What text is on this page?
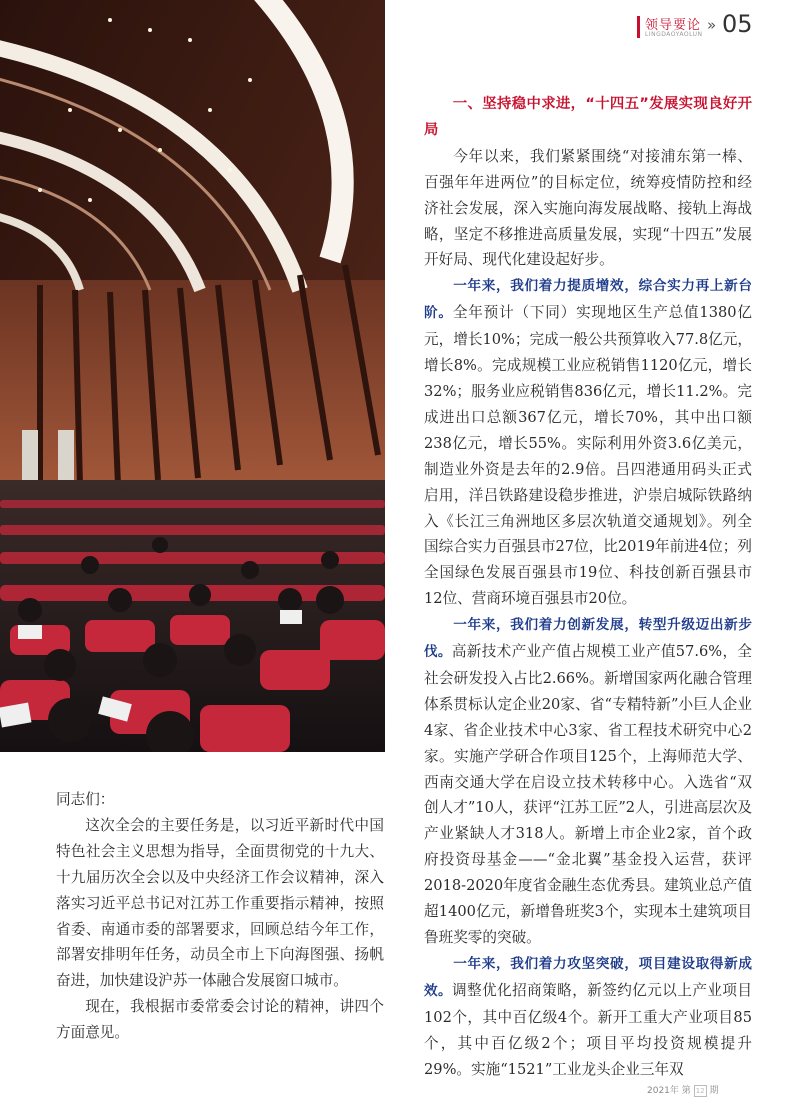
领导要论
LINGDAOYAOLUN
» 05

一、坚持稳中求进，“十四五”发展实现良好开局

今年以来，我们紧紧围绕“对接浦东第一棒、百强年年进两位”的目标定位，统筹疫情防控和经济社会发展，深入实施向海发展战略、接轨上海战略，坚定不移推进高质量发展，实现“十四五”发展开好局、现代化建设起好步。

一年来，我们着力提质增效，综合实力再上新台阶。全年预计（下同）实现地区生产总值1380亿元，增长10%；完成一般公共预算收入77.8亿元，增长8%。完成规模工业应税销售1120亿元，增长32%；服务业应税销售836亿元，增长11.2%。完成进出口总额367亿元，增长70%，其中出口额238亿元，增长55%。实际利用外资3.6亿美元，制造业外资是去年的2.9倍。吕四港通用码头正式启用，洋吕铁路建设稳步推进，沪崇启城际铁路纳入《长江三角洲地区多层次轨道交通规划》。列全国综合实力百强县市27位，比2019年前进4位；列全国绿色发展百强县市19位、科技创新百强县市12位、营商环境百强县市20位。

一年来，我们着力创新发展，转型升级迈出新步伐。高新技术产业产值占规模工业产值57.6%，全社会研发投入占比2.66%。新增国家两化融合管理体系贯标认定企业20家、省“专精特新”小巨人企业4家、省企业技术中心3家、省工程技术研究中心2家。实施产学研合作项目125个，上海师范大学、西南交通大学在启设立技术转移中心。入选省“双创人才”10人，获评“江苏工匠”2人，引进高层次及产业紧缺人才318人。新增上市企业2家，首个政府投资母基金——“金北翼”基金投入运营，获评2018-2020年度省金融生态优秀县。建筑业总产值超1400亿元，新增鲁班奖3个，实现本土建筑项目鲁班奖零的突破。

一年来，我们着力攻坚突破，项目建设取得新成效。调整优化招商策略，新签约亿元以上产业项目102个，其中百亿级4个。新开工重大产业项目85个，其中百亿级2个；项目平均投资规模提升29%。实施“1521”工业龙头企业三年双

同志们：

这次全会的主要任务是，以习近平新时代中国特色社会主义思想为指导，全面贯彻党的十九大、十九届历次全会以及中央经济工作会议精神，深入落实习近平总书记对江苏工作重要指示精神，按照省委、南通市委的部署要求，回顾总结今年工作，部署安排明年任务，动员全市上下向海图强、扬帆奋进，加快建设沪苏一体融合发展窗口城市。

现在，我根据市委常委会讨论的精神，讲四个方面意见。

2021年 第 12 期
